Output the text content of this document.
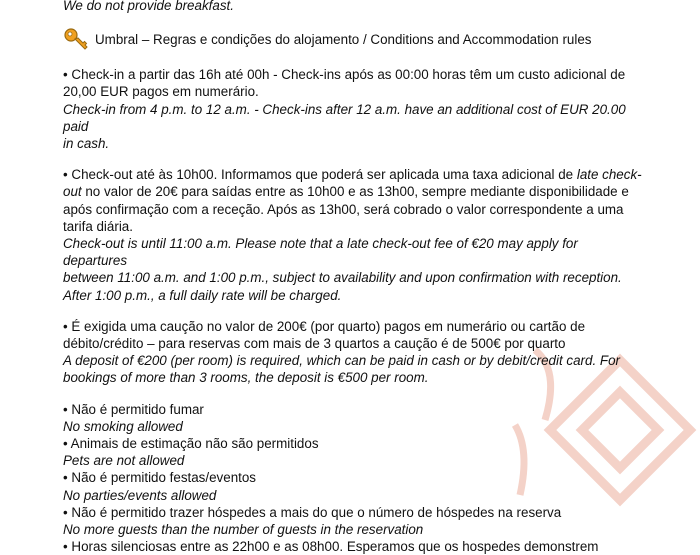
We do not provide breakfast.

Umbral – Regras e condições do alojamento / Conditions and Accommodation rules

• Check-in a partir das 16h até 00h - Check-ins após as 00:00 horas têm um custo adicional de

20,00 EUR pagos em numerário.

Check-in from 4 p.m. to 12 a.m. - Check-ins after 12 a.m. have an additional cost of EUR 20.00 paid

in cash.

• Check-out até às 10h00. Informamos que poderá ser aplicada uma taxa adicional de late check-

out no valor de 20€ para saídas entre as 10h00 e as 13h00, sempre mediante disponibilidade e

após confirmação com a receção. Após as 13h00, será cobrado o valor correspondente a uma

tarifa diária.

Check-out is until 11:00 a.m. Please note that a late check-out fee of €20 may apply for departures

between 11:00 a.m. and 1:00 p.m., subject to availability and upon confirmation with reception.

After 1:00 p.m., a full daily rate will be charged.

• É exigida uma caução no valor de 200€ (por quarto) pagos em numerário ou cartão de

débito/crédito – para reservas com mais de 3 quartos a caução é de 500€ por quarto

A deposit of €200 (per room) is required, which can be paid in cash or by debit/credit card. For

bookings of more than 3 rooms, the deposit is €500 per room.

• Não é permitido fumar

No smoking allowed

• Animais de estimação não são permitidos

Pets are not allowed

• Não é permitido festas/eventos

No parties/events allowed

• Não é permitido trazer hóspedes a mais do que o número de hóspedes na reserva

No more guests than the number of guests in the reservation

• Horas silenciosas entre as 22h00 e as 08h00. Esperamos que os hospedes demonstrem
